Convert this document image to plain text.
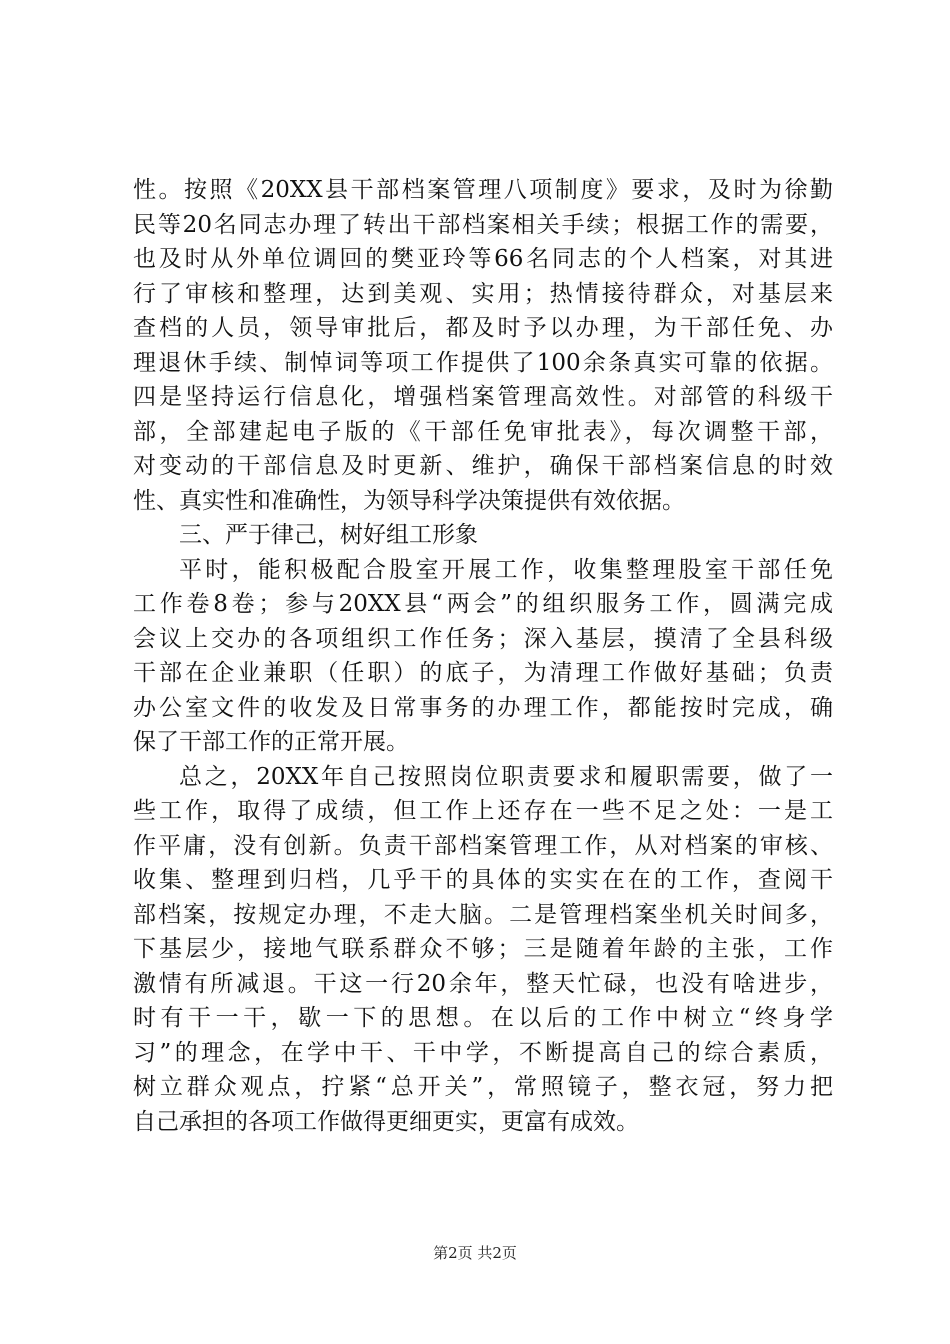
性。按照《20XX县干部档案管理八项制度》要求，及时为徐勤
民等20名同志办理了转出干部档案相关手续；根据工作的需要，
也及时从外单位调回的樊亚玲等66名同志的个人档案，对其进
行了审核和整理，达到美观、实用；热情接待群众，对基层来
查档的人员，领导审批后，都及时予以办理，为干部任免、办
理退休手续、制悼词等项工作提供了100余条真实可靠的依据。
四是坚持运行信息化，增强档案管理高效性。对部管的科级干
部，全部建起电子版的《干部任免审批表》，每次调整干部，
对变动的干部信息及时更新、维护，确保干部档案信息的时效
性、真实性和准确性，为领导科学决策提供有效依据。
三、严于律己，树好组工形象
平时，能积极配合股室开展工作，收集整理股室干部任免
工作卷8卷；参与20XX县“两会”的组织服务工作，圆满完成
会议上交办的各项组织工作任务；深入基层，摸清了全县科级
干部在企业兼职（任职）的底子，为清理工作做好基础；负责
办公室文件的收发及日常事务的办理工作，都能按时完成，确
保了干部工作的正常开展。
总之，20XX年自己按照岗位职责要求和履职需要，做了一
些工作，取得了成绩，但工作上还存在一些不足之处：一是工
作平庸，没有创新。负责干部档案管理工作，从对档案的审核、
收集、整理到归档，几乎干的具体的实实在在的工作，查阅干
部档案，按规定办理，不走大脑。二是管理档案坐机关时间多，
下基层少，接地气联系群众不够；三是随着年龄的主张，工作
激情有所减退。干这一行20余年，整天忙碌，也没有啥进步，
时有干一干，歇一下的思想。在以后的工作中树立“终身学
习”的理念，在学中干、干中学，不断提高自己的综合素质，
树立群众观点，拧紧“总开关”，常照镜子，整衣冠，努力把
自己承担的各项工作做得更细更实，更富有成效。
第2页 共2页
